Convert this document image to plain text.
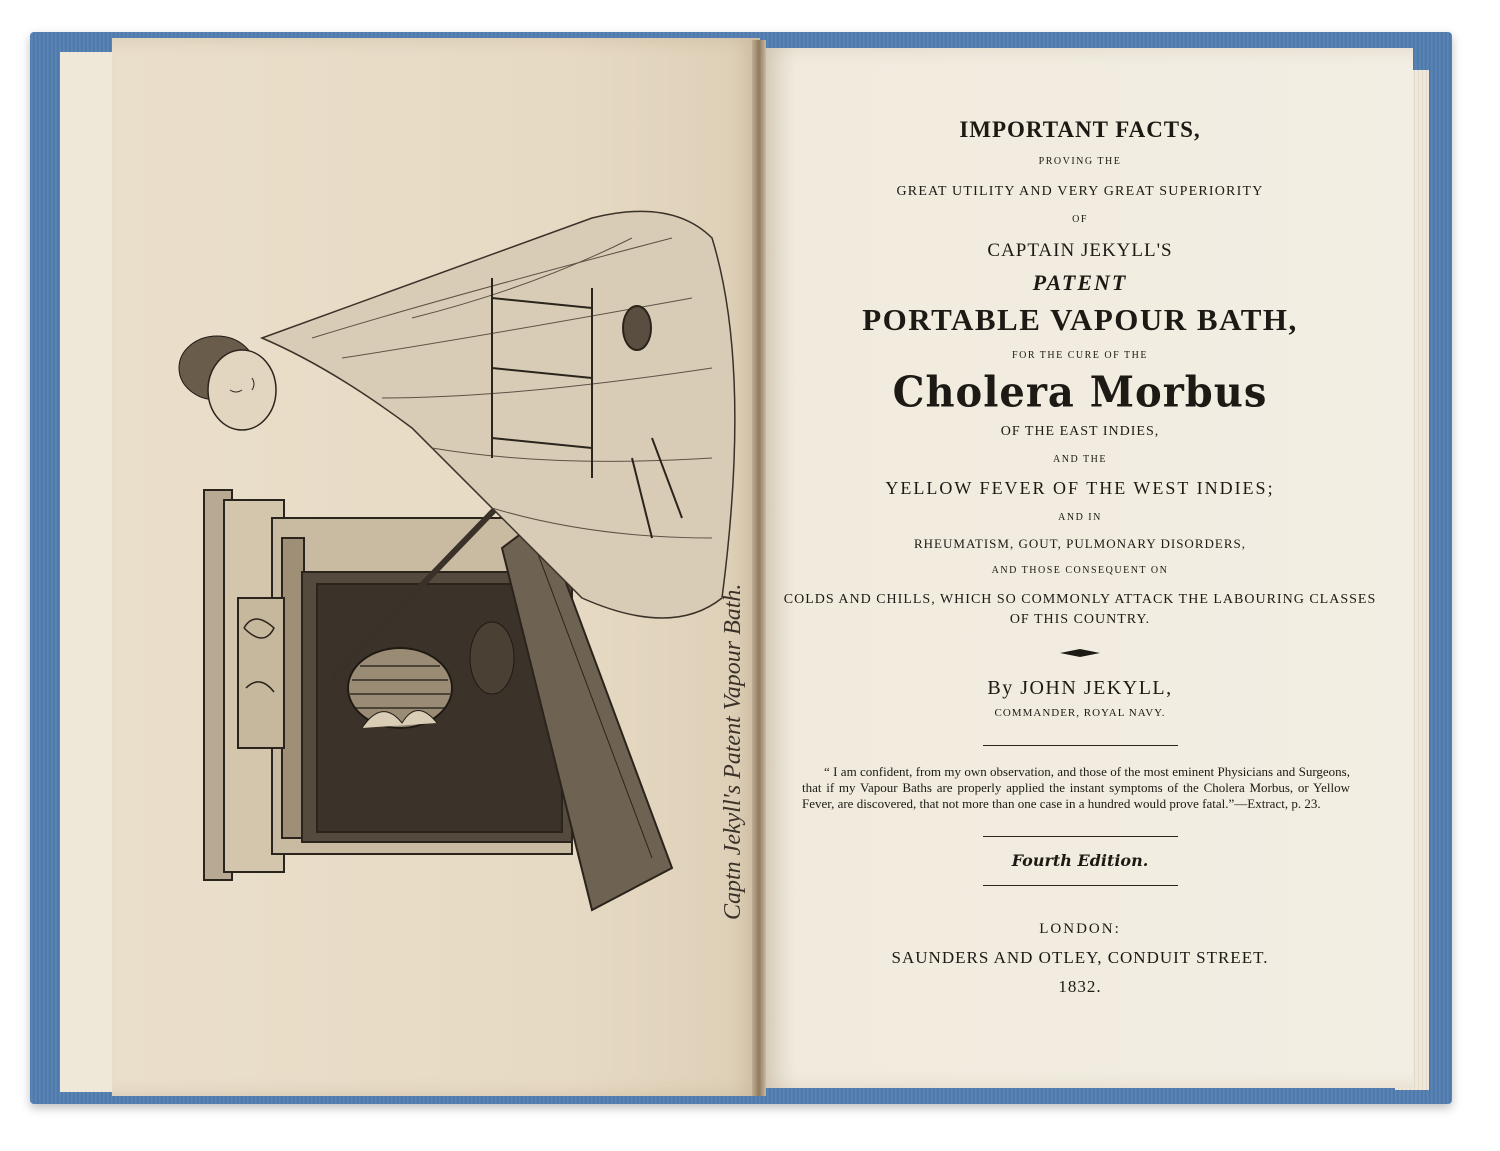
Captn Jekyll's Patent Vapour Bath.
IMPORTANT FACTS,
PROVING THE
GREAT UTILITY AND VERY GREAT SUPERIORITY
OF
CAPTAIN JEKYLL'S
PATENT
PORTABLE VAPOUR BATH,
FOR THE CURE OF THE
Cholera Morbus
OF THE EAST INDIES,
AND THE
YELLOW FEVER OF THE WEST INDIES;
AND IN
RHEUMATISM, GOUT, PULMONARY DISORDERS,
AND THOSE CONSEQUENT ON
COLDS AND CHILLS, WHICH SO COMMONLY ATTACK THE LABOURING CLASSES OF THIS COUNTRY.
By JOHN JEKYLL,
COMMANDER, ROYAL NAVY.
“ I am confident, from my own observation, and those of the most eminent Physicians and Surgeons, that if my Vapour Baths are properly applied the instant symptoms of the Cholera Morbus, or Yellow Fever, are discovered, that not more than one case in a hundred would prove fatal.”—Extract, p. 23.
Fourth Edition.
LONDON:
SAUNDERS AND OTLEY, CONDUIT STREET.
1832.
